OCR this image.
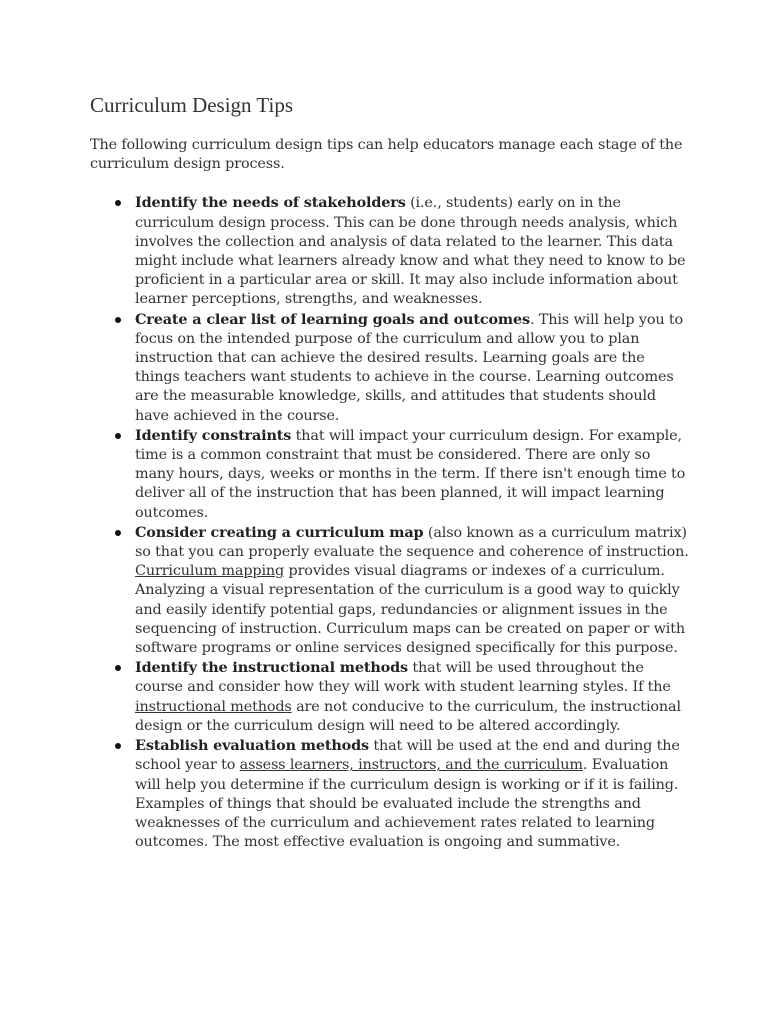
Curriculum Design Tips

The following curriculum design tips can help educators manage each stage of the curriculum design process.

Identify the needs of stakeholders (i.e., students) early on in the curriculum design process. This can be done through needs analysis, which involves the collection and analysis of data related to the learner. This data might include what learners already know and what they need to know to be proficient in a particular area or skill. It may also include information about learner perceptions, strengths, and weaknesses.
Create a clear list of learning goals and outcomes. This will help you to focus on the intended purpose of the curriculum and allow you to plan instruction that can achieve the desired results. Learning goals are the things teachers want students to achieve in the course. Learning outcomes are the measurable knowledge, skills, and attitudes that students should have achieved in the course.
Identify constraints that will impact your curriculum design. For example, time is a common constraint that must be considered. There are only so many hours, days, weeks or months in the term. If there isn't enough time to deliver all of the instruction that has been planned, it will impact learning outcomes.
Consider creating a curriculum map (also known as a curriculum matrix) so that you can properly evaluate the sequence and coherence of instruction. Curriculum mapping provides visual diagrams or indexes of a curriculum. Analyzing a visual representation of the curriculum is a good way to quickly and easily identify potential gaps, redundancies or alignment issues in the sequencing of instruction. Curriculum maps can be created on paper or with software programs or online services designed specifically for this purpose.
Identify the instructional methods that will be used throughout the course and consider how they will work with student learning styles. If the instructional methods are not conducive to the curriculum, the instructional design or the curriculum design will need to be altered accordingly.
Establish evaluation methods that will be used at the end and during the school year to assess learners, instructors, and the curriculum. Evaluation will help you determine if the curriculum design is working or if it is failing. Examples of things that should be evaluated include the strengths and weaknesses of the curriculum and achievement rates related to learning outcomes. The most effective evaluation is ongoing and summative.
